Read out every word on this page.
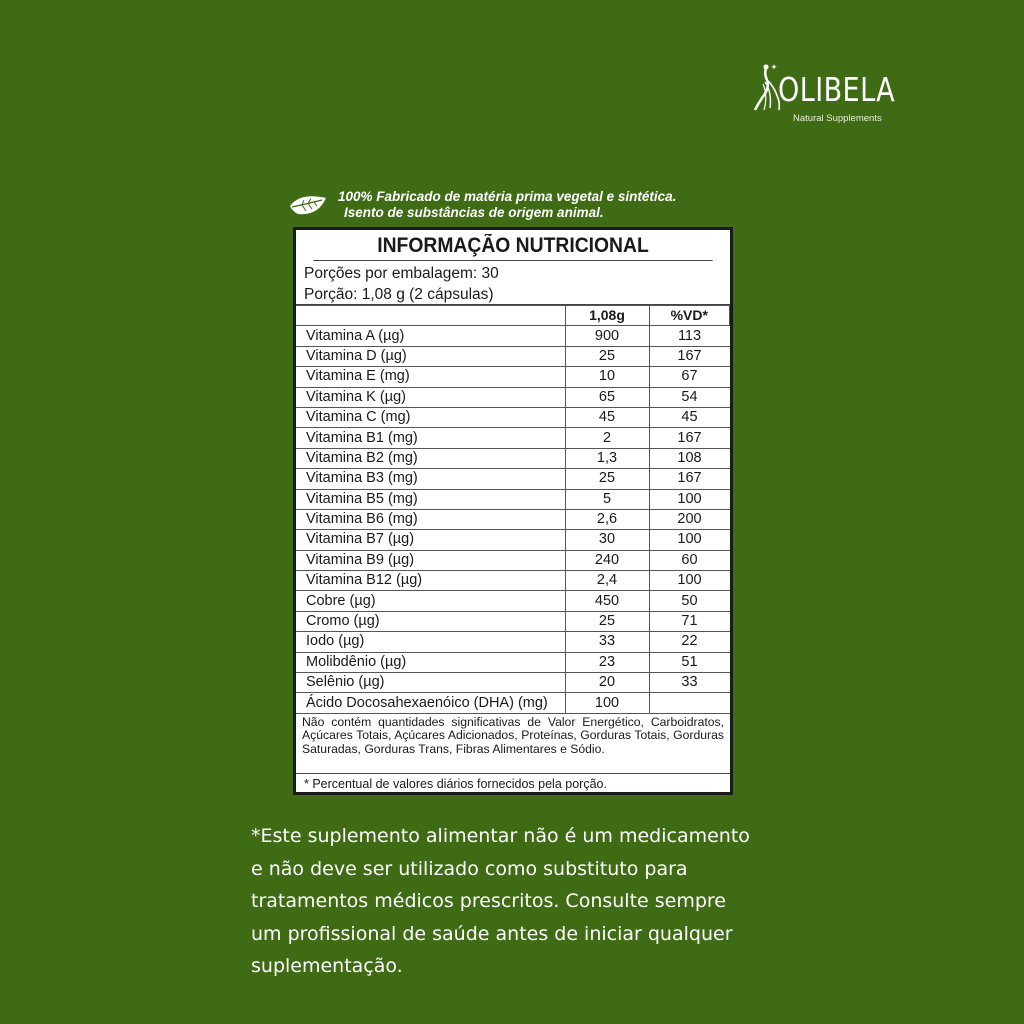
OLIBELA
Natural Supplements
100% Fabricado de matéria prima vegetal e sintética.
Isento de substâncias de origem animal.
INFORMAÇÃO NUTRICIONAL
Porções por embalagem: 30
Porção: 1,08 g (2 cápsulas)
	1,08g	%VD*
Vitamina A (µg)	900	113
Vitamina D (µg)	25	167
Vitamina E (mg)	10	67
Vitamina K (µg)	65	54
Vitamina C (mg)	45	45
Vitamina B1 (mg)	2	167
Vitamina B2 (mg)	1,3	108
Vitamina B3 (mg)	25	167
Vitamina B5 (mg)	5	100
Vitamina B6 (mg)	2,6	200
Vitamina B7 (µg)	30	100
Vitamina B9 (µg)	240	60
Vitamina B12 (µg)	2,4	100
Cobre (µg)	450	50
Cromo (µg)	25	71
Iodo (µg)	33	22
Molibdênio (µg)	23	51
Selênio (µg)	20	33
Ácido Docosahexaenóico (DHA) (mg)	100	
Não contém quantidades significativas de Valor Energético, Carboidratos, Açúcares Totais, Açúcares Adicionados, Proteínas, Gorduras Totais, Gorduras Saturadas, Gorduras Trans, Fibras Alimentares e Sódio.
* Percentual de valores diários fornecidos pela porção.
*Este suplemento alimentar não é um medicamento
e não deve ser utilizado como substituto para
tratamentos médicos prescritos. Consulte sempre
um profissional de saúde antes de iniciar qualquer
suplementação.
